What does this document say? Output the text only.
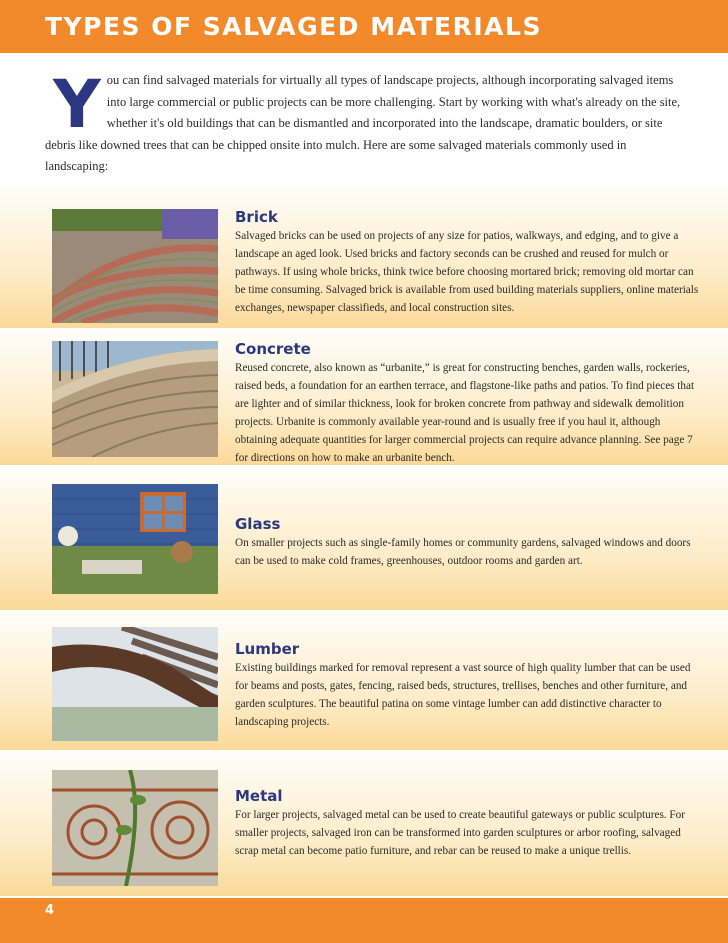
TYPES OF SALVAGED MATERIALS
You can find salvaged materials for virtually all types of landscape projects, although incorporating salvaged items into large commercial or public projects can be more challenging. Start by working with what's already on the site, whether it's old buildings that can be dismantled and incorporated into the landscape, dramatic boulders, or site debris like downed trees that can be chipped onsite into mulch. Here are some salvaged materials commonly used in landscaping:
Brick

Salvaged bricks can be used on projects of any size for patios, walkways, and edging, and to give a landscape an aged look. Used bricks and factory seconds can be crushed and reused for mulch or pathways. If using whole bricks, think twice before choosing mortared brick; removing old mortar can be time consuming. Salvaged brick is available from used building materials suppliers, online materials exchanges, newspaper classifieds, and local construction sites.

Concrete

Reused concrete, also known as “urbanite,” is great for constructing benches, garden walls, rockeries, raised beds, a foundation for an earthen terrace, and flagstone-like paths and patios. To find pieces that are lighter and of similar thickness, look for broken concrete from pathway and sidewalk demolition projects. Urbanite is commonly available year-round and is usually free if you haul it, although obtaining adequate quantities for larger commercial projects can require advance planning. See page 7 for directions on how to make an urbanite bench.

Glass

On smaller projects such as single-family homes or community gardens, salvaged windows and doors can be used to make cold frames, greenhouses, outdoor rooms and garden art.

Lumber

Existing buildings marked for removal represent a vast source of high quality lumber that can be used for beams and posts, gates, fencing, raised beds, structures, trellises, benches and other furniture, and garden sculptures. The beautiful patina on some vintage lumber can add distinctive character to landscaping projects.

Metal

For larger projects, salvaged metal can be used to create beautiful gateways or public sculptures. For smaller projects, salvaged iron can be transformed into garden sculptures or arbor roofing, salvaged scrap metal can become patio furniture, and rebar can be reused to make a unique trellis.

4
